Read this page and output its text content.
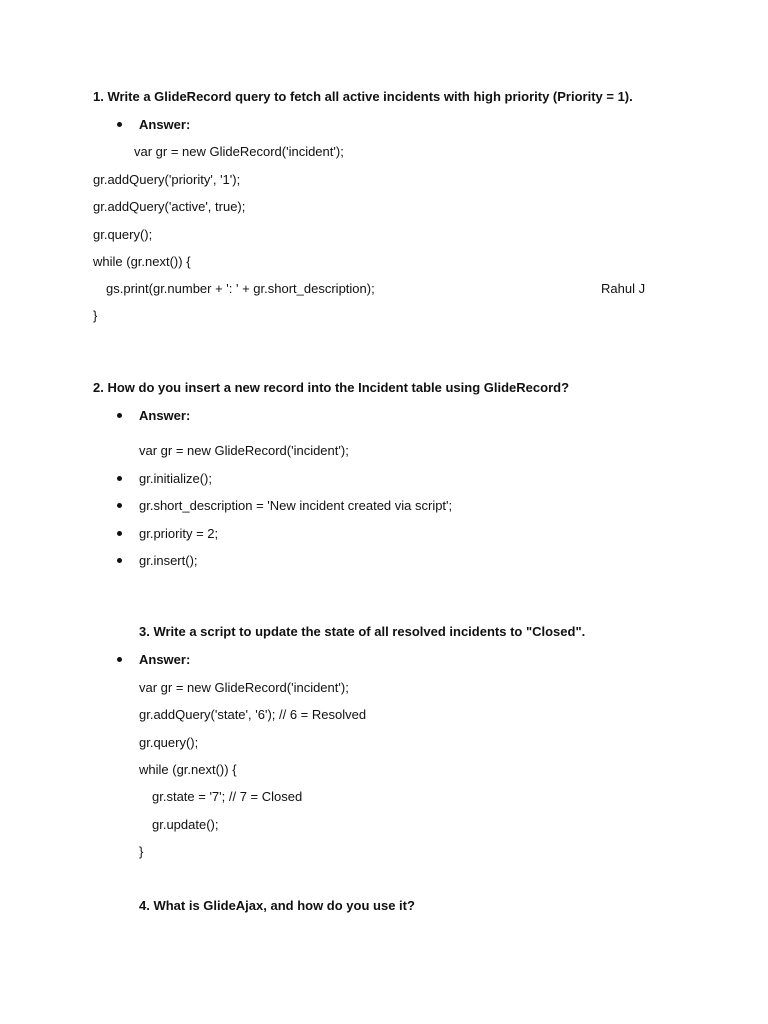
1. Write a GlideRecord query to fetch all active incidents with high priority (Priority = 1).
Answer:
var gr = new GlideRecord('incident');
gr.addQuery('priority', '1');
gr.addQuery('active', true);
gr.query();
while (gr.next()) {
gs.print(gr.number + ': ' + gr.short_description);	Rahul J
}
2. How do you insert a new record into the Incident table using GlideRecord?
Answer:
var gr = new GlideRecord('incident');
gr.initialize();
gr.short_description = 'New incident created via script';
gr.priority = 2;
gr.insert();
3. Write a script to update the state of all resolved incidents to "Closed".
Answer:
var gr = new GlideRecord('incident');
gr.addQuery('state', '6'); // 6 = Resolved
gr.query();
while (gr.next()) {
gr.state = '7'; // 7 = Closed
gr.update();
}
4. What is GlideAjax, and how do you use it?
